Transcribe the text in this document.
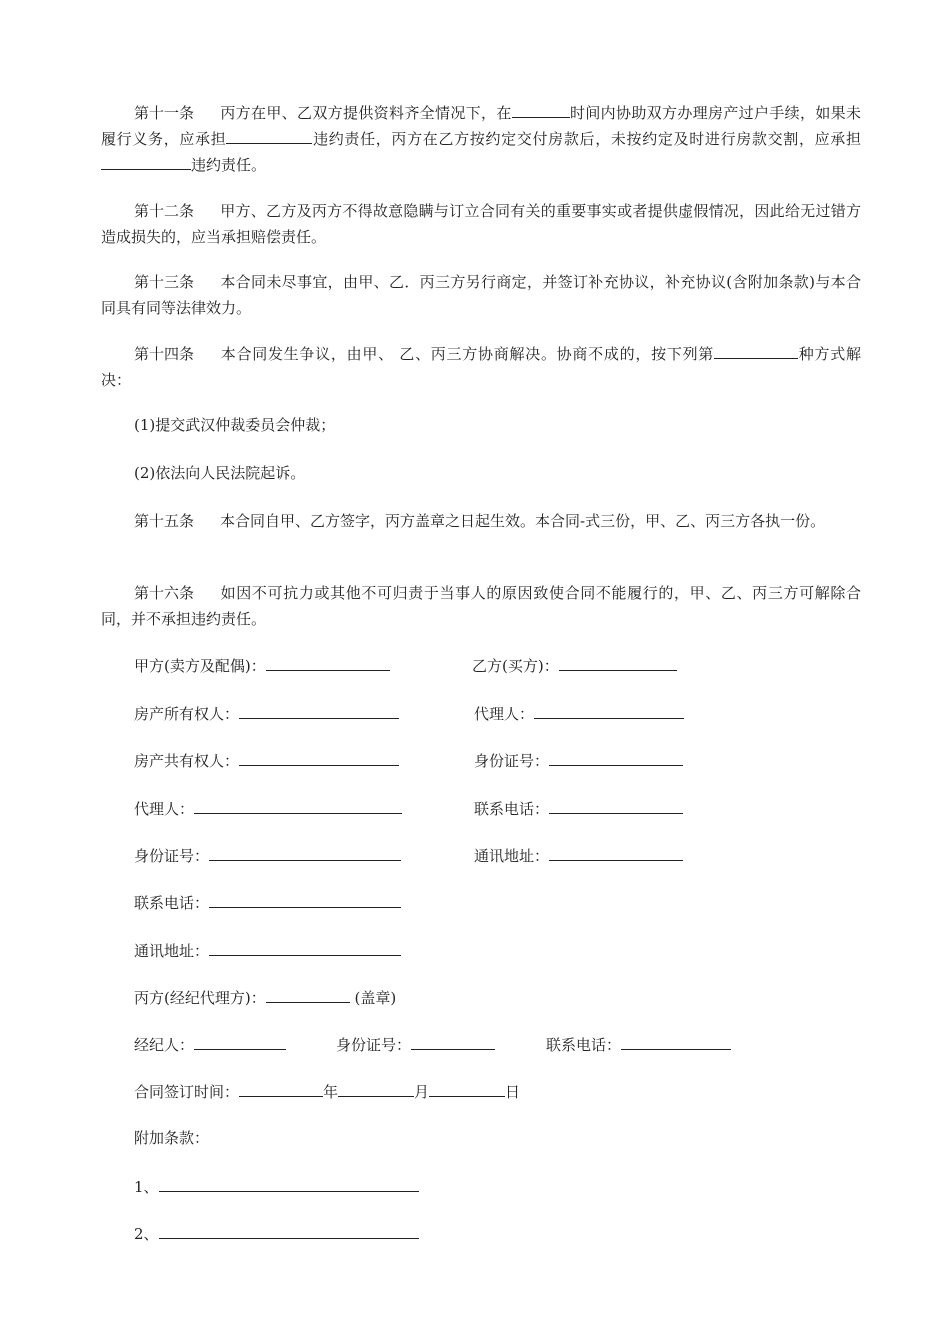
第十一条 丙方在甲、乙双方提供资料齐全情况下，在	时间内协助双方办理房产过户手续，如果未履行义务，应承担	违约责任，丙方在乙方按约定交付房款后，未按约定及时进行房款交割，应承担违约责任。

第十二条 甲方、乙方及丙方不得故意隐瞒与订立合同有关的重要事实或者提供虚假情况，因此给无过错方造成损失的，应当承担赔偿责任。

第十三条 本合同未尽事宜，由甲、乙．丙三方另行商定，并签订补充协议，补充协议(含附加条款)与本合同具有同等法律效力。

第十四条 本合同发生争议，由甲、 乙、丙三方协商解决。协商不成的，按下列第	种方式解决：

(1)提交武汉仲裁委员会仲裁；
(2)依法向人民法院起诉。

第十五条 本合同自甲、乙方签字，丙方盖章之日起生效。本合同-式三份，甲、乙、丙三方各执一份。

第十六条 如因不可抗力或其他不可归责于当事人的原因致使合同不能履行的，甲、乙、丙三方可解除合同，并不承担违约责任。

甲方(卖方及配偶)：	乙方(买方)：
房产所有权人：	代理人：
房产共有权人：	身份证号：
代理人：	联系电话：
身份证号：	通讯地址：
联系电话：
通讯地址：
丙方(经纪代理方)：	(盖章)
经纪人：	身份证号：	联系电话：
合同签订时间：	年	月	日
附加条款：
1、
2、
